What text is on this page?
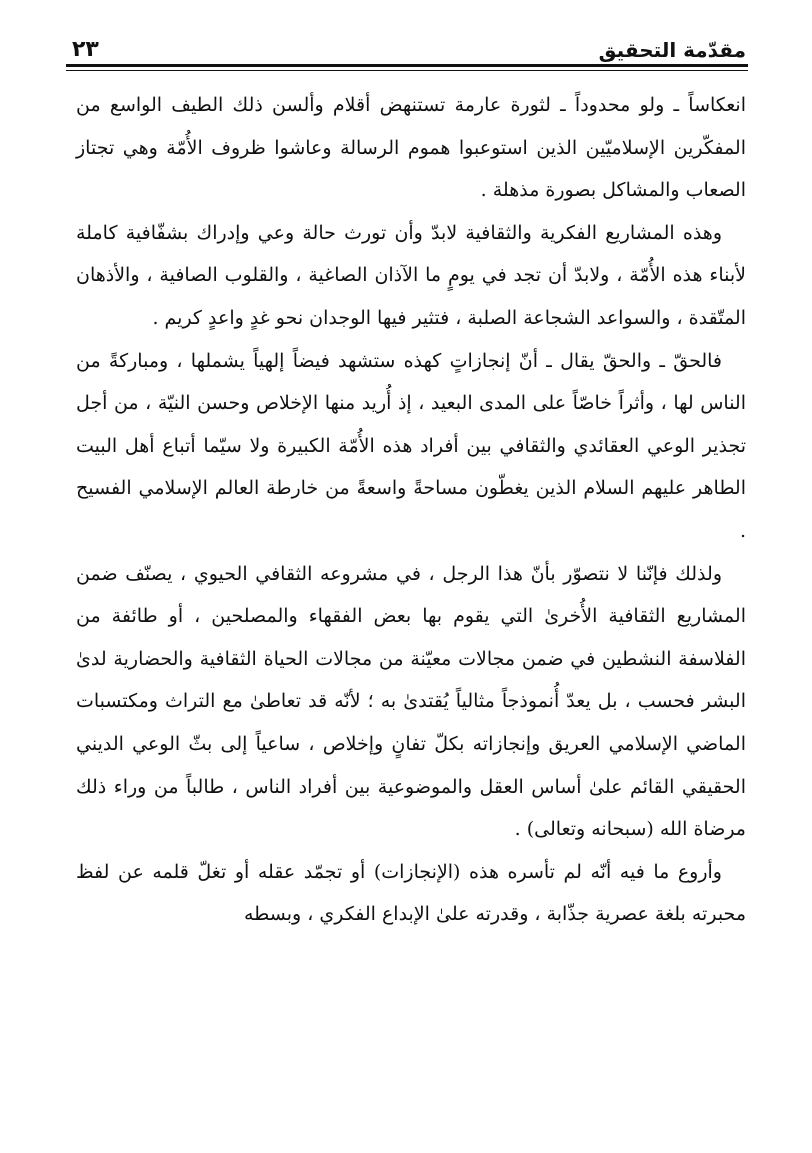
مقدّمة التحقيق
٢٣

انعكاساً ـ ولو محدوداً ـ لثورة عارمة تستنهض أقلام وألسن ذلك الطيف الواسع من المفكّرين الإسلاميّين الذين استوعبوا هموم الرسالة وعاشوا ظروف الأُمّة وهي تجتاز الصعاب والمشاكل بصورة مذهلة .

وهذه المشاريع الفكرية والثقافية لابدّ وأن تورث حالة وعي وإدراك بشفّافية كاملة لأبناء هذه الأُمّة ، ولابدّ أن تجد في يومٍ ما الآذان الصاغية ، والقلوب الصافية ، والأذهان المتّقدة ، والسواعد الشجاعة الصلبة ، فتثير فيها الوجدان نحو غدٍ واعدٍ كريم .

فالحقّ ـ والحقّ يقال ـ أنّ إنجازاتٍ كهذه ستشهد فيضاً إلهياً يشملها ، ومباركةً من الناس لها ، وأثراً خاصّاً على المدى البعيد ، إذ أُريد منها الإخلاص وحسن النيّة ، من أجل تجذير الوعي العقائدي والثقافي بين أفراد هذه الأُمّة الكبيرة ولا سيّما أتباع أهل البيت الطاهر عليهم السلام الذين يغطّون مساحةً واسعةً من خارطة العالم الإسلامي الفسيح .

ولذلك فإنّنا لا نتصوّر بأنّ هذا الرجل ، في مشروعه الثقافي الحيوي ، يصنّف ضمن المشاريع الثقافية الأُخرىٰ التي يقوم بها بعض الفقهاء والمصلحين ، أو طائفة من الفلاسفة النشطين في ضمن مجالات معيّنة من مجالات الحياة الثقافية والحضارية لدىٰ البشر فحسب ، بل يعدّ أُنموذجاً مثالياً يُقتدىٰ به ؛ لأنّه قد تعاطىٰ مع التراث ومكتسبات الماضي الإسلامي العريق وإنجازاته بكلّ تفانٍ وإخلاص ، ساعياً إلى بثّ الوعي الديني الحقيقي القائم علىٰ أساس العقل والموضوعية بين أفراد الناس ، طالباً من وراء ذلك مرضاة الله (سبحانه وتعالى) .

وأروع ما فيه أنّه لم تأسره هذه (الإنجازات) أو تجمّد عقله أو تغلّ قلمه عن لفظ محبرته بلغة عصرية جذّابة ، وقدرته علىٰ الإبداع الفكري ، وبسطه
